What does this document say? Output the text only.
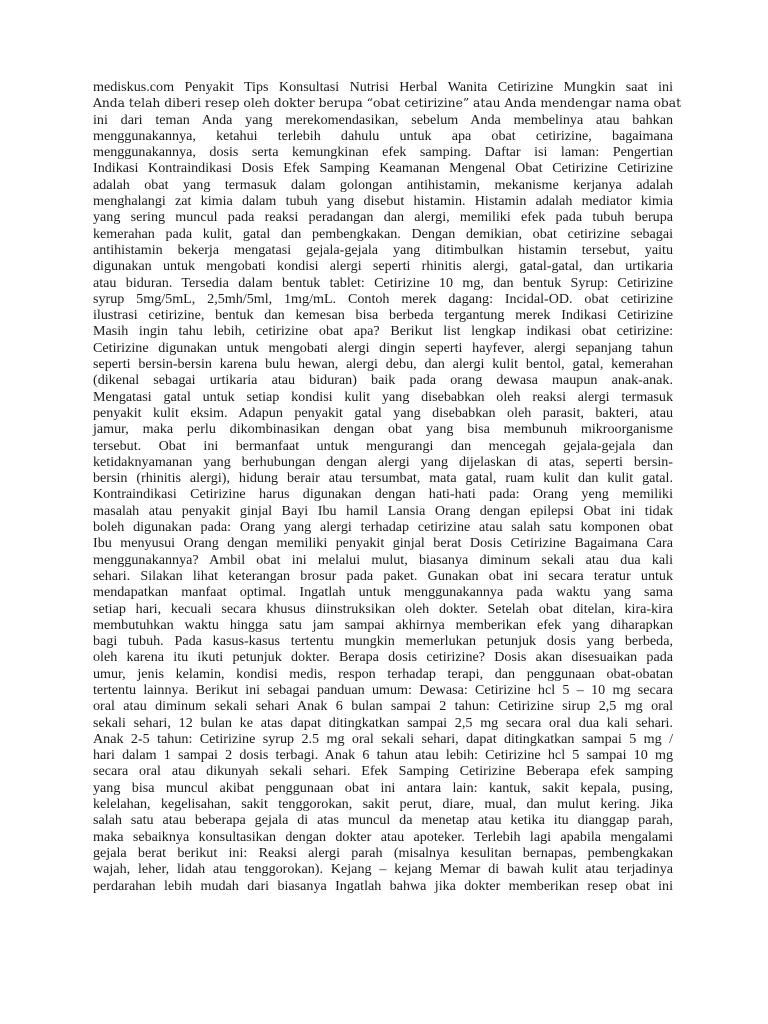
mediskus.com Penyakit Tips Konsultasi Nutrisi Herbal Wanita Cetirizine Mungkin saat ini
Anda telah diberi resep oleh dokter berupa “obat cetirizine” atau Anda mendengar nama obat
ini dari teman Anda yang merekomendasikan, sebelum Anda membelinya atau bahkan
menggunakannya, ketahui terlebih dahulu untuk apa obat cetirizine, bagaimana
menggunakannya, dosis serta kemungkinan efek samping. Daftar isi laman: Pengertian
Indikasi Kontraindikasi Dosis Efek Samping Keamanan Mengenal Obat Cetirizine Cetirizine
adalah obat yang termasuk dalam golongan antihistamin, mekanisme kerjanya adalah
menghalangi zat kimia dalam tubuh yang disebut histamin. Histamin adalah mediator kimia
yang sering muncul pada reaksi peradangan dan alergi, memiliki efek pada tubuh berupa
kemerahan pada kulit, gatal dan pembengkakan. Dengan demikian, obat cetirizine sebagai
antihistamin bekerja mengatasi gejala-gejala yang ditimbulkan histamin tersebut, yaitu
digunakan untuk mengobati kondisi alergi seperti rhinitis alergi, gatal-gatal, dan urtikaria
atau biduran. Tersedia dalam bentuk tablet: Cetirizine 10 mg, dan bentuk Syrup: Cetirizine
syrup 5mg/5mL, 2,5mh/5ml, 1mg/mL. Contoh merek dagang: Incidal-OD. obat cetirizine
ilustrasi cetirizine, bentuk dan kemesan bisa berbeda tergantung merek Indikasi Cetirizine
Masih ingin tahu lebih, cetirizine obat apa? Berikut list lengkap indikasi obat cetirizine:
Cetirizine digunakan untuk mengobati alergi dingin seperti hayfever, alergi sepanjang tahun
seperti bersin-bersin karena bulu hewan, alergi debu, dan alergi kulit bentol, gatal, kemerahan
(dikenal sebagai urtikaria atau biduran) baik pada orang dewasa maupun anak-anak.
Mengatasi gatal untuk setiap kondisi kulit yang disebabkan oleh reaksi alergi termasuk
penyakit kulit eksim. Adapun penyakit gatal yang disebabkan oleh parasit, bakteri, atau
jamur, maka perlu dikombinasikan dengan obat yang bisa membunuh mikroorganisme
tersebut. Obat ini bermanfaat untuk mengurangi dan mencegah gejala-gejala dan
ketidaknyamanan yang berhubungan dengan alergi yang dijelaskan di atas, seperti bersin-
bersin (rhinitis alergi), hidung berair atau tersumbat, mata gatal, ruam kulit dan kulit gatal.
Kontraindikasi Cetirizine harus digunakan dengan hati-hati pada: Orang yeng memiliki
masalah atau penyakit ginjal Bayi Ibu hamil Lansia Orang dengan epilepsi Obat ini tidak
boleh digunakan pada: Orang yang alergi terhadap cetirizine atau salah satu komponen obat
Ibu menyusui Orang dengan memiliki penyakit ginjal berat Dosis Cetirizine Bagaimana Cara
menggunakannya? Ambil obat ini melalui mulut, biasanya diminum sekali atau dua kali
sehari. Silakan lihat keterangan brosur pada paket. Gunakan obat ini secara teratur untuk
mendapatkan manfaat optimal. Ingatlah untuk menggunakannya pada waktu yang sama
setiap hari, kecuali secara khusus diinstruksikan oleh dokter. Setelah obat ditelan, kira-kira
membutuhkan waktu hingga satu jam sampai akhirnya memberikan efek yang diharapkan
bagi tubuh. Pada kasus-kasus tertentu mungkin memerlukan petunjuk dosis yang berbeda,
oleh karena itu ikuti petunjuk dokter. Berapa dosis cetirizine? Dosis akan disesuaikan pada
umur, jenis kelamin, kondisi medis, respon terhadap terapi, dan penggunaan obat-obatan
tertentu lainnya. Berikut ini sebagai panduan umum: Dewasa: Cetirizine hcl 5 – 10 mg secara
oral atau diminum sekali sehari Anak 6 bulan sampai 2 tahun: Cetirizine sirup 2,5 mg oral
sekali sehari, 12 bulan ke atas dapat ditingkatkan sampai 2,5 mg secara oral dua kali sehari.
Anak 2-5 tahun: Cetirizine syrup 2.5 mg oral sekali sehari, dapat ditingkatkan sampai 5 mg /
hari dalam 1 sampai 2 dosis terbagi. Anak 6 tahun atau lebih: Cetirizine hcl 5 sampai 10 mg
secara oral atau dikunyah sekali sehari. Efek Samping Cetirizine Beberapa efek samping
yang bisa muncul akibat penggunaan obat ini antara lain: kantuk, sakit kepala, pusing,
kelelahan, kegelisahan, sakit tenggorokan, sakit perut, diare, mual, dan mulut kering. Jika
salah satu atau beberapa gejala di atas muncul da menetap atau ketika itu dianggap parah,
maka sebaiknya konsultasikan dengan dokter atau apoteker. Terlebih lagi apabila mengalami
gejala berat berikut ini: Reaksi alergi parah (misalnya kesulitan bernapas, pembengkakan
wajah, leher, lidah atau tenggorokan). Kejang – kejang Memar di bawah kulit atau terjadinya
perdarahan lebih mudah dari biasanya Ingatlah bahwa jika dokter memberikan resep obat ini
